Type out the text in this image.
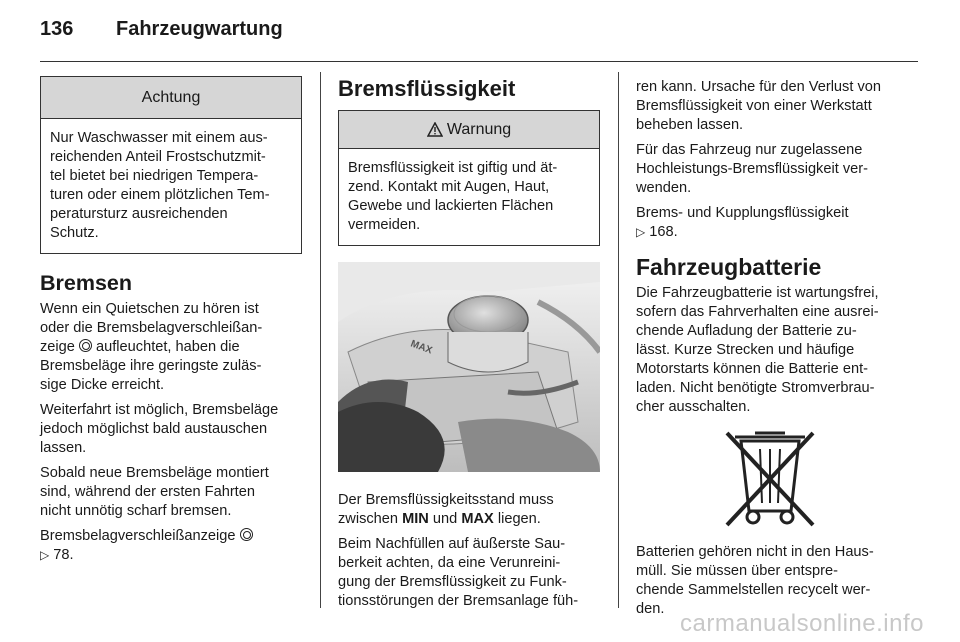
136 Fahrzeugwartung
Achtung
Nur Waschwasser mit einem aus-
reichenden Anteil Frostschutzmit-
tel bietet bei niedrigen Tempera-
turen oder einem plötzlichen Tem-
peratursturz ausreichenden
Schutz.
Bremsen

Wenn ein Quietschen zu hören ist
oder die Bremsbelagverschleißan-
zeige aufleuchtet, haben die
Bremsbeläge ihre geringste zuläs-
sige Dicke erreicht.

Weiterfahrt ist möglich, Bremsbeläge
jedoch möglichst bald austauschen
lassen.

Sobald neue Bremsbeläge montiert
sind, während der ersten Fahrten
nicht unnötig scharf bremsen.

Bremsbelagverschleißanzeige
▷ 78.

Bremsflüssigkeit
Warnung
Bremsflüssigkeit ist giftig und ät-
zend. Kontakt mit Augen, Haut,
Gewebe und lackierten Flächen
vermeiden.
MAX

Der Bremsflüssigkeitsstand muss
zwischen MIN und MAX liegen.

Beim Nachfüllen auf äußerste Sau-
berkeit achten, da eine Verunreini-
gung der Bremsflüssigkeit zu Funk-
tionsstörungen der Bremsanlage füh-

ren kann. Ursache für den Verlust von
Bremsflüssigkeit von einer Werkstatt
beheben lassen.

Für das Fahrzeug nur zugelassene
Hochleistungs-Bremsflüssigkeit ver-
wenden.

Brems- und Kupplungsflüssigkeit
▷ 168.

Fahrzeugbatterie

Die Fahrzeugbatterie ist wartungsfrei,
sofern das Fahrverhalten eine ausrei-
chende Aufladung der Batterie zu-
lässt. Kurze Strecken und häufige
Motorstarts können die Batterie ent-
laden. Nicht benötigte Stromverbrau-
cher ausschalten.

Batterien gehören nicht in den Haus-
müll. Sie müssen über entspre-
chende Sammelstellen recycelt wer-
den.

carmanualsonline.info
